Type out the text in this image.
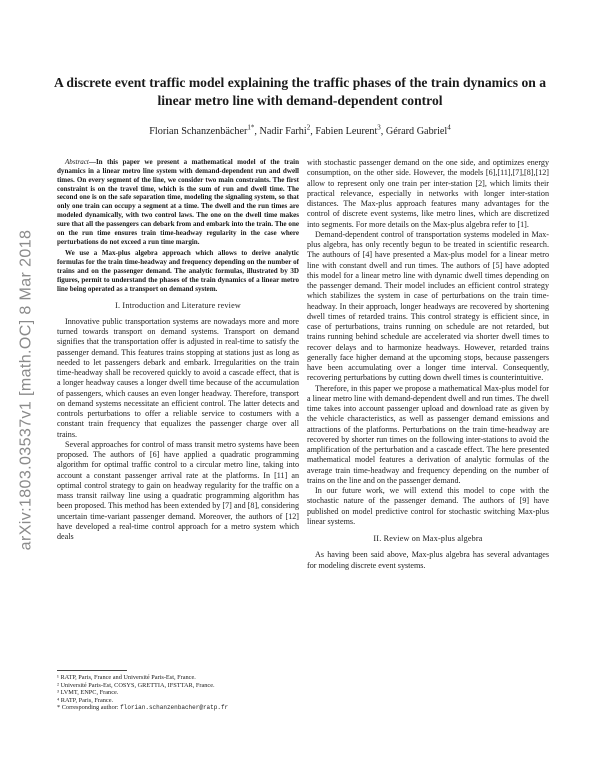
arXiv:1803.03537v1 [math.OC] 8 Mar 2018
A discrete event traffic model explaining the traffic phases of the train dynamics on a linear metro line with demand-dependent control
Florian Schanzenbächer$^{1*}$, Nadir Farhi$^2$, Fabien Leurent$^3$, Gérard Gabriel$^4$

Abstract—In this paper we present a mathematical model of the train dynamics in a linear metro line system with demand-dependent run and dwell times. On every segment of the line, we consider two main constraints. The first constraint is on the travel time, which is the sum of run and dwell time. The second one is on the safe separation time, modeling the signaling system, so that only one train can occupy a segment at a time. The dwell and the run times are modeled dynamically, with two control laws. The one on the dwell time makes sure that all the passengers can debark from and embark into the train. The one on the run time ensures train time-headway regularity in the case where perturbations do not exceed a run time margin.

We use a Max-plus algebra approach which allows to derive analytic formulas for the train time-headway and frequency depending on the number of trains and on the passenger demand. The analytic formulas, illustrated by 3D figures, permit to understand the phases of the train dynamics of a linear metro line being operated as a transport on demand system.

I. Introduction and Literature review

Innovative public transportation systems are nowadays more and more turned towards transport on demand systems. Transport on demand signifies that the transportation offer is adjusted in real-time to satisfy the passenger demand. This features trains stopping at stations just as long as needed to let passengers debark and embark. Irregularities on the train time-headway shall be recovered quickly to avoid a cascade effect, that is a longer headway causes a longer dwell time because of the accumulation of passengers, which causes an even longer headway. Therefore, transport on demand systems necessitate an efficient control. The latter detects and controls perturbations to offer a reliable service to costumers with a constant train frequency that equalizes the passenger charge over all trains.

Several approaches for control of mass transit metro systems have been proposed. The authors of [6] have applied a quadratic programming algorithm for optimal traffic control to a circular metro line, taking into account a constant passenger arrival rate at the platforms. In [11] an optimal control strategy to gain on headway regularity for the traffic on a mass transit railway line using a quadratic programming algorithm has been proposed. This method has been extended by [7] and [8], considering uncertain time-variant passenger demand. Moreover, the authors of [12] have developed a real-time control approach for a metro system which deals

with stochastic passenger demand on the one side, and optimizes energy consumption, on the other side. However, the models [6],[11],[7],[8],[12] allow to represent only one train per inter-station [2], which limits their practical relevance, especially in networks with longer inter-station distances. The Max-plus approach features many advantages for the control of discrete event systems, like metro lines, which are discretized into segments. For more details on the Max-plus algebra refer to [1].

Demand-dependent control of transportation systems modeled in Max-plus algebra, has only recently begun to be treated in scientific research. The authours of [4] have presented a Max-plus model for a linear metro line with constant dwell and run times. The authors of [5] have adopted this model for a linear metro line with dynamic dwell times depending on the passenger demand. Their model includes an efficient control strategy which stabilizes the system in case of perturbations on the train time-headway. In their approach, longer headways are recovered by shortening dwell times of retarded trains. This control strategy is efficient since, in case of perturbations, trains running on schedule are not retarded, but trains running behind schedule are accelerated via shorter dwell times to recover delays and to harmonize headways. However, retarded trains generally face higher demand at the upcoming stops, because passengers have been accumulating over a longer time interval. Consequently, recovering perturbations by cutting down dwell times is counterintuitive.

Therefore, in this paper we propose a mathematical Max-plus model for a linear metro line with demand-dependent dwell and run times. The dwell time takes into account passenger upload and download rate as given by the vehicle characteristics, as well as passenger demand emissions and attractions of the platforms. Perturbations on the train time-headway are recovered by shorter run times on the following inter-stations to avoid the amplification of the perturbation and a cascade effect. The here presented mathematical model features a derivation of analytic formulas of the average train time-headway and frequency depending on the number of trains on the line and on the passenger demand.

In our future work, we will extend this model to cope with the stochastic nature of the passenger demand. The authors of [9] have published on model predictive control for stochastic switching Max-plus linear systems.

II. Review on Max-plus algebra

As having been said above, Max-plus algebra has several advantages for modeling discrete event systems.

¹ RATP, Paris, France and Université Paris-Est, France.
² Université Paris-Est, COSYS, GRETTIA, IFSTTAR, France.
³ LVMT, ENPC, France.
⁴ RATP, Paris, France.
* Corresponding author: florian.schanzenbacher@ratp.fr
